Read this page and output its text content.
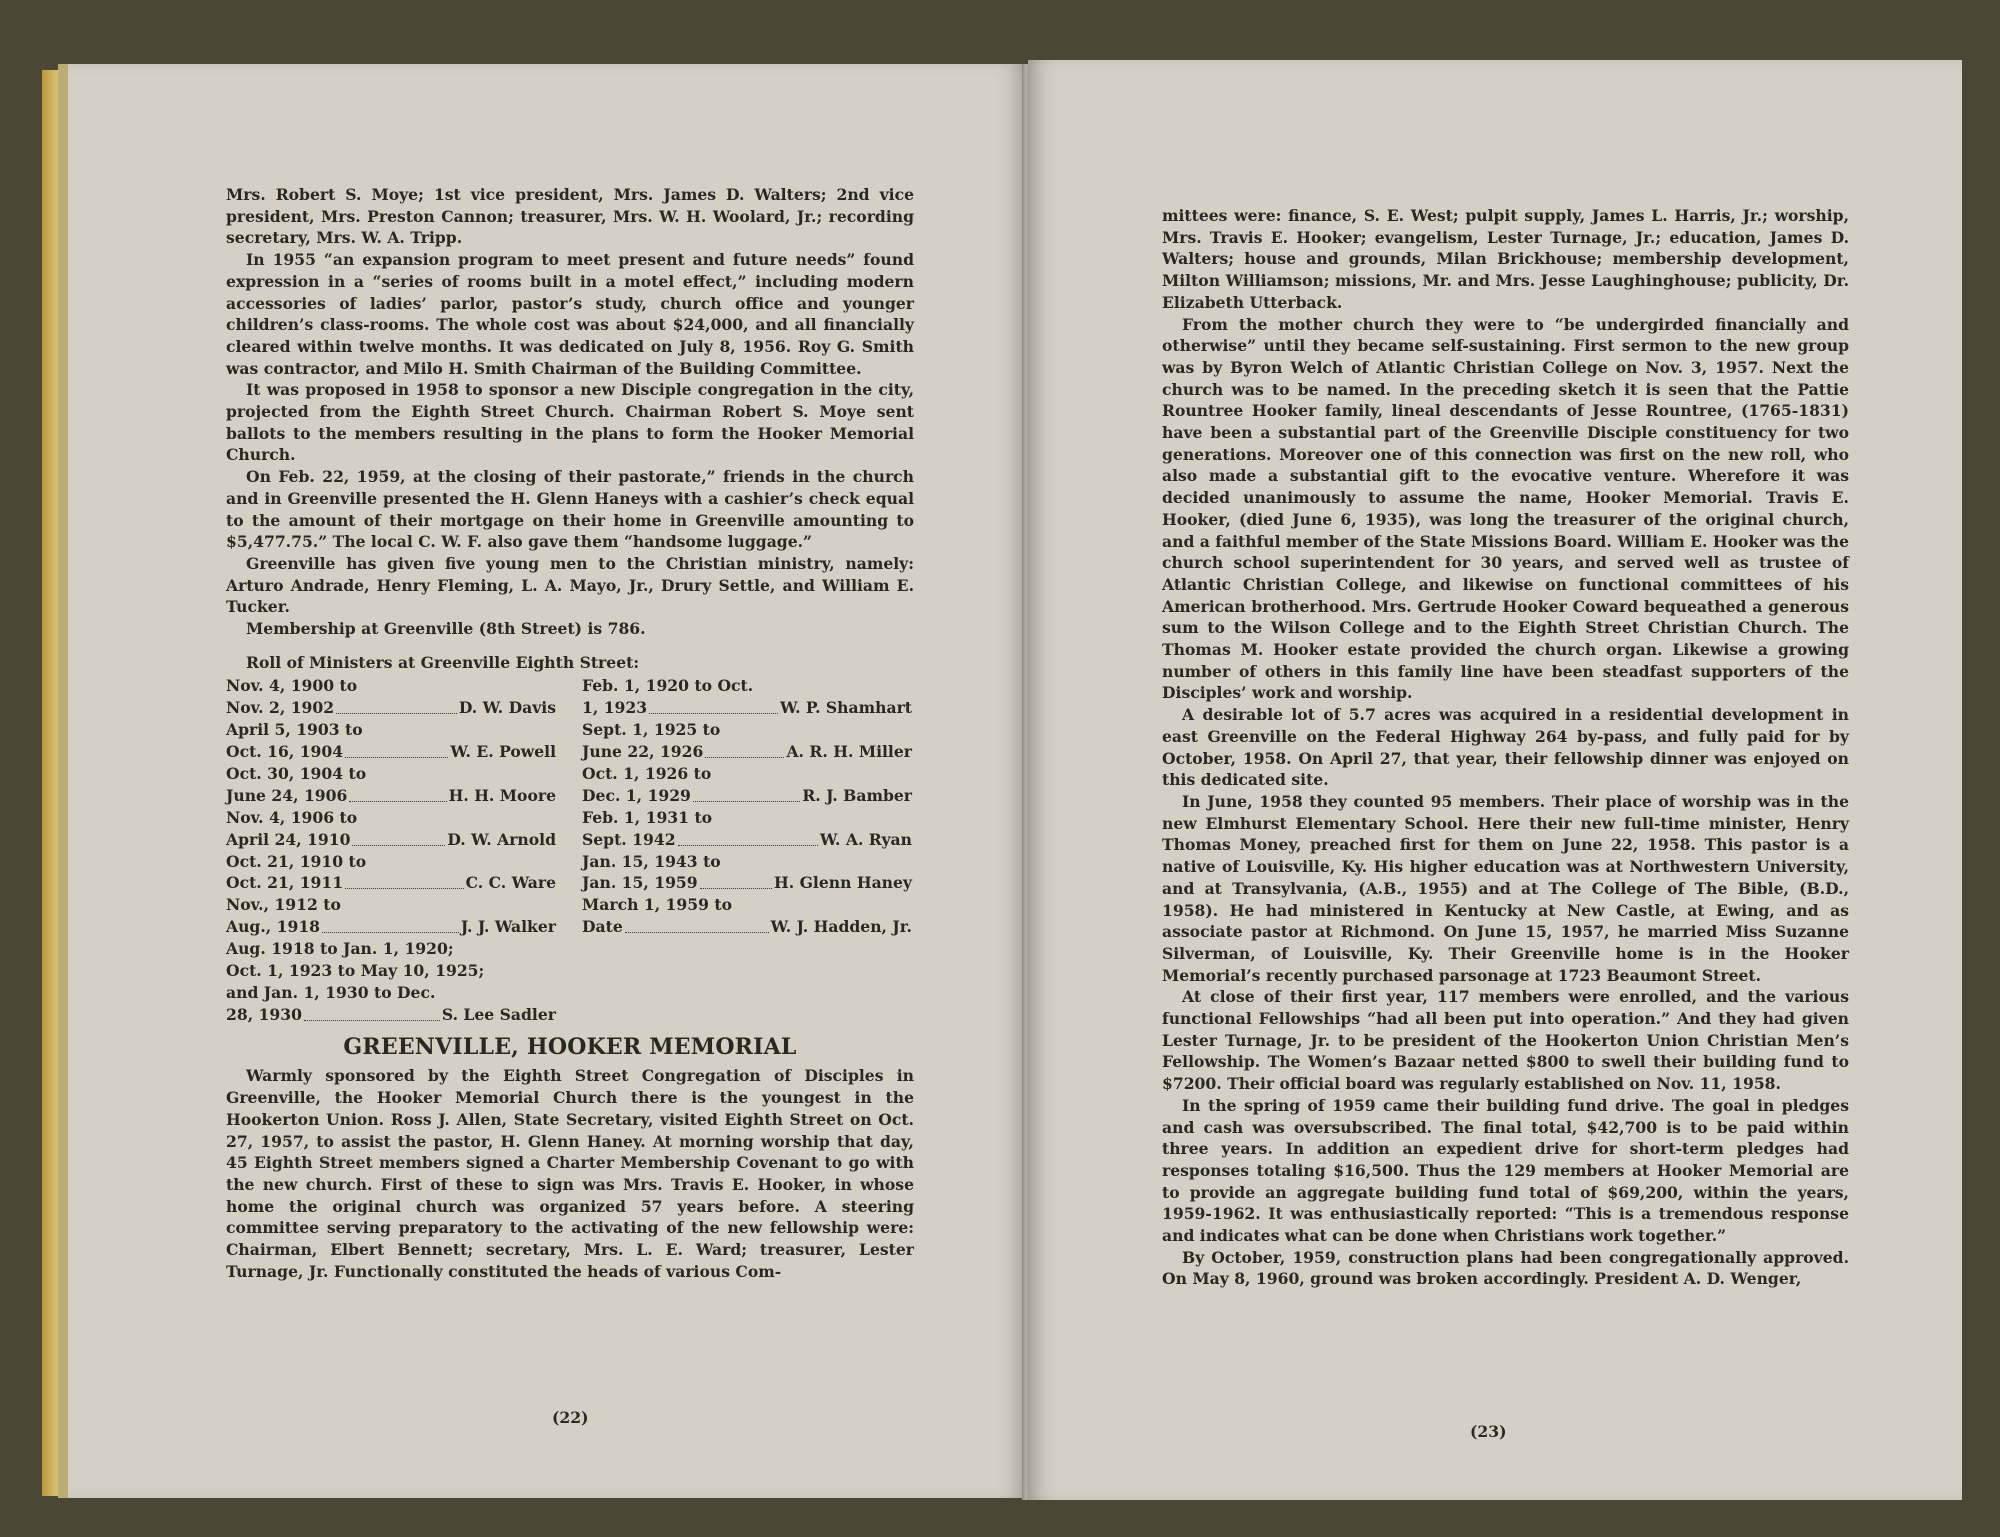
Mrs. Robert S. Moye; 1st vice president, Mrs. James D. Walters; 2nd vice president, Mrs. Preston Cannon; treasurer, Mrs. W. H. Woolard, Jr.; recording secretary, Mrs. W. A. Tripp.

In 1955 “an expansion program to meet present and future needs” found expression in a “series of rooms built in a motel effect,” including modern accessories of ladies’ parlor, pastor’s study, church office and younger children’s class-rooms. The whole cost was about $24,000, and all financially cleared within twelve months. It was dedicated on July 8, 1956. Roy G. Smith was contractor, and Milo H. Smith Chairman of the Building Committee.

It was proposed in 1958 to sponsor a new Disciple congregation in the city, projected from the Eighth Street Church. Chairman Robert S. Moye sent ballots to the members resulting in the plans to form the Hooker Memorial Church.

On Feb. 22, 1959, at the closing of their pastorate,” friends in the church and in Greenville presented the H. Glenn Haneys with a cashier’s check equal to the amount of their mortgage on their home in Greenville amounting to $5,477.75.” The local C. W. F. also gave them “handsome luggage.”

Greenville has given five young men to the Christian ministry, namely: Arturo Andrade, Henry Fleming, L. A. Mayo, Jr., Drury Settle, and William E. Tucker.

Membership at Greenville (8th Street) is 786.

Roll of Ministers at Greenville Eighth Street:

Nov. 4, 1900 to
Nov. 2, 1902	D. W. Davis
April 5, 1903 to
Oct. 16, 1904	W. E. Powell
Oct. 30, 1904 to
June 24, 1906	H. H. Moore
Nov. 4, 1906 to
April 24, 1910	D. W. Arnold
Oct. 21, 1910 to
Oct. 21, 1911	C. C. Ware
Nov., 1912 to
Aug., 1918	J. J. Walker
Aug. 1918 to Jan. 1, 1920;
Oct. 1, 1923 to May 10, 1925;
and Jan. 1, 1930 to Dec.
28, 1930	S. Lee Sadler
Feb. 1, 1920 to Oct.
1, 1923	W. P. Shamhart
Sept. 1, 1925 to
June 22, 1926	A. R. H. Miller
Oct. 1, 1926 to
Dec. 1, 1929	R. J. Bamber
Feb. 1, 1931 to
Sept. 1942	W. A. Ryan
Jan. 15, 1943 to
Jan. 15, 1959	H. Glenn Haney
March 1, 1959 to
Date	W. J. Hadden, Jr.
GREENVILLE, HOOKER MEMORIAL

Warmly sponsored by the Eighth Street Congregation of Disciples in Greenville, the Hooker Memorial Church there is the youngest in the Hookerton Union. Ross J. Allen, State Secretary, visited Eighth Street on Oct. 27, 1957, to assist the pastor, H. Glenn Haney. At morning worship that day, 45 Eighth Street members signed a Charter Membership Covenant to go with the new church. First of these to sign was Mrs. Travis E. Hooker, in whose home the original church was organized 57 years before. A steering committee serving preparatory to the activating of the new fellowship were: Chairman, Elbert Bennett; secretary, Mrs. L. E. Ward; treasurer, Lester Turnage, Jr. Functionally constituted the heads of various Com-

(22)

mittees were: finance, S. E. West; pulpit supply, James L. Harris, Jr.; worship, Mrs. Travis E. Hooker; evangelism, Lester Turnage, Jr.; education, James D. Walters; house and grounds, Milan Brickhouse; membership development, Milton Williamson; missions, Mr. and Mrs. Jesse Laughinghouse; publicity, Dr. Elizabeth Utterback.

From the mother church they were to “be undergirded financially and otherwise” until they became self-sustaining. First sermon to the new group was by Byron Welch of Atlantic Christian College on Nov. 3, 1957. Next the church was to be named. In the preceding sketch it is seen that the Pattie Rountree Hooker family, lineal descendants of Jesse Rountree, (1765-1831) have been a substantial part of the Greenville Disciple constituency for two generations. Moreover one of this connection was first on the new roll, who also made a substantial gift to the evocative venture. Wherefore it was decided unanimously to assume the name, Hooker Memorial. Travis E. Hooker, (died June 6, 1935), was long the treasurer of the original church, and a faithful member of the State Missions Board. William E. Hooker was the church school superintendent for 30 years, and served well as trustee of Atlantic Christian College, and likewise on functional committees of his American brotherhood. Mrs. Gertrude Hooker Coward bequeathed a generous sum to the Wilson College and to the Eighth Street Christian Church. The Thomas M. Hooker estate provided the church organ. Likewise a growing number of others in this family line have been steadfast supporters of the Disciples’ work and worship.

A desirable lot of 5.7 acres was acquired in a residential development in east Greenville on the Federal Highway 264 by-pass, and fully paid for by October, 1958. On April 27, that year, their fellowship dinner was enjoyed on this dedicated site.

In June, 1958 they counted 95 members. Their place of worship was in the new Elmhurst Elementary School. Here their new full-time minister, Henry Thomas Money, preached first for them on June 22, 1958. This pastor is a native of Louisville, Ky. His higher education was at Northwestern University, and at Transylvania, (A.B., 1955) and at The College of The Bible, (B.D., 1958). He had ministered in Kentucky at New Castle, at Ewing, and as associate pastor at Richmond. On June 15, 1957, he married Miss Suzanne Silverman, of Louisville, Ky. Their Greenville home is in the Hooker Memorial’s recently purchased parsonage at 1723 Beaumont Street.

At close of their first year, 117 members were enrolled, and the various functional Fellowships “had all been put into operation.” And they had given Lester Turnage, Jr. to be president of the Hookerton Union Christian Men’s Fellowship. The Women’s Bazaar netted $800 to swell their building fund to $7200. Their official board was regularly established on Nov. 11, 1958.

In the spring of 1959 came their building fund drive. The goal in pledges and cash was oversubscribed. The final total, $42,700 is to be paid within three years. In addition an expedient drive for short-term pledges had responses totaling $16,500. Thus the 129 members at Hooker Memorial are to provide an aggregate building fund total of $69,200, within the years, 1959-1962. It was enthusiastically reported: “This is a tremendous response and indicates what can be done when Christians work together.”

By October, 1959, construction plans had been congregationally approved. On May 8, 1960, ground was broken accordingly. President A. D. Wenger,

(23)
